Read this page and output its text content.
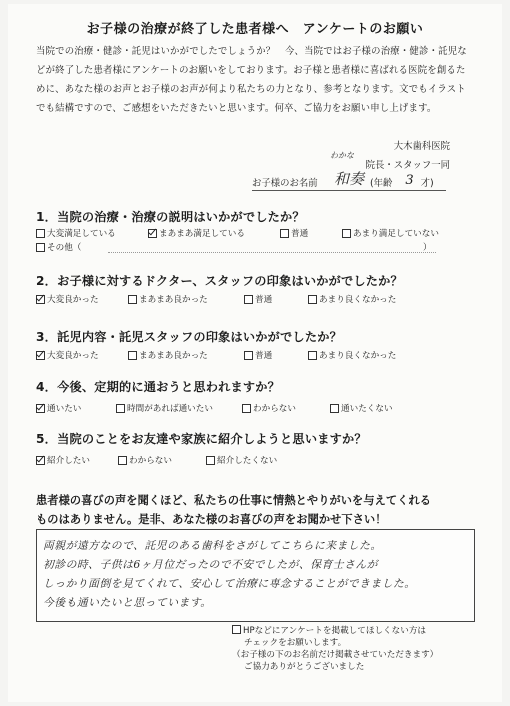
お子様の治療が終了した患者様へ　アンケートのお願い
当院での治療・健診・託児はいかがでしたでしょうか？　今、当院ではお子様の治療・健診・託児などが終了した患者様にアンケートのお願いをしております。お子様と患者様に喜ばれる医院を創るために、あなた様のお声とお子様のお声が何より私たちの力となり、参考となります。文でもイラストでも結構ですので、ご感想をいただきたいと思います。何卒、ご協力をお願い申し上げます。
大木歯科医院
院長・スタッフ一同
お子様のお名前
わかな
和奏 (年齢 3 才)
1．当院の治療・治療の説明はいかがでしたか？
大変満足している	まあまあ満足している	普通	あまり満足していない
その他（	）
2．お子様に対するドクター、スタッフの印象はいかがでしたか？
大変良かった	まあまあ良かった	普通	あまり良くなかった
3．託児内容・託児スタッフの印象はいかがでしたか？
大変良かった	まあまあ良かった	普通	あまり良くなかった
4．今後、定期的に通おうと思われますか？
通いたい	時間があれば通いたい	わからない	通いたくない
5．当院のことをお友達や家族に紹介しようと思いますか？
紹介したい	わからない	紹介したくない
患者様の喜びの声を聞くほど、私たちの仕事に情熱とやりがいを与えてくれる
ものはありません。是非、あなた様のお喜びの声をお聞かせ下さい！
両親が遠方なので、託児のある歯科をさがしてこちらに来ました。
初診の時、子供は6ヶ月位だったので不安でしたが、保育士さんが
しっかり面倒を見てくれて、安心して治療に専念することができました。
今後も通いたいと思っています。
HPなどにアンケートを掲載してほしくない方は
チェックをお願いします。
（お子様の下のお名前だけ掲載させていただきます）
ご協力ありがとうございました
